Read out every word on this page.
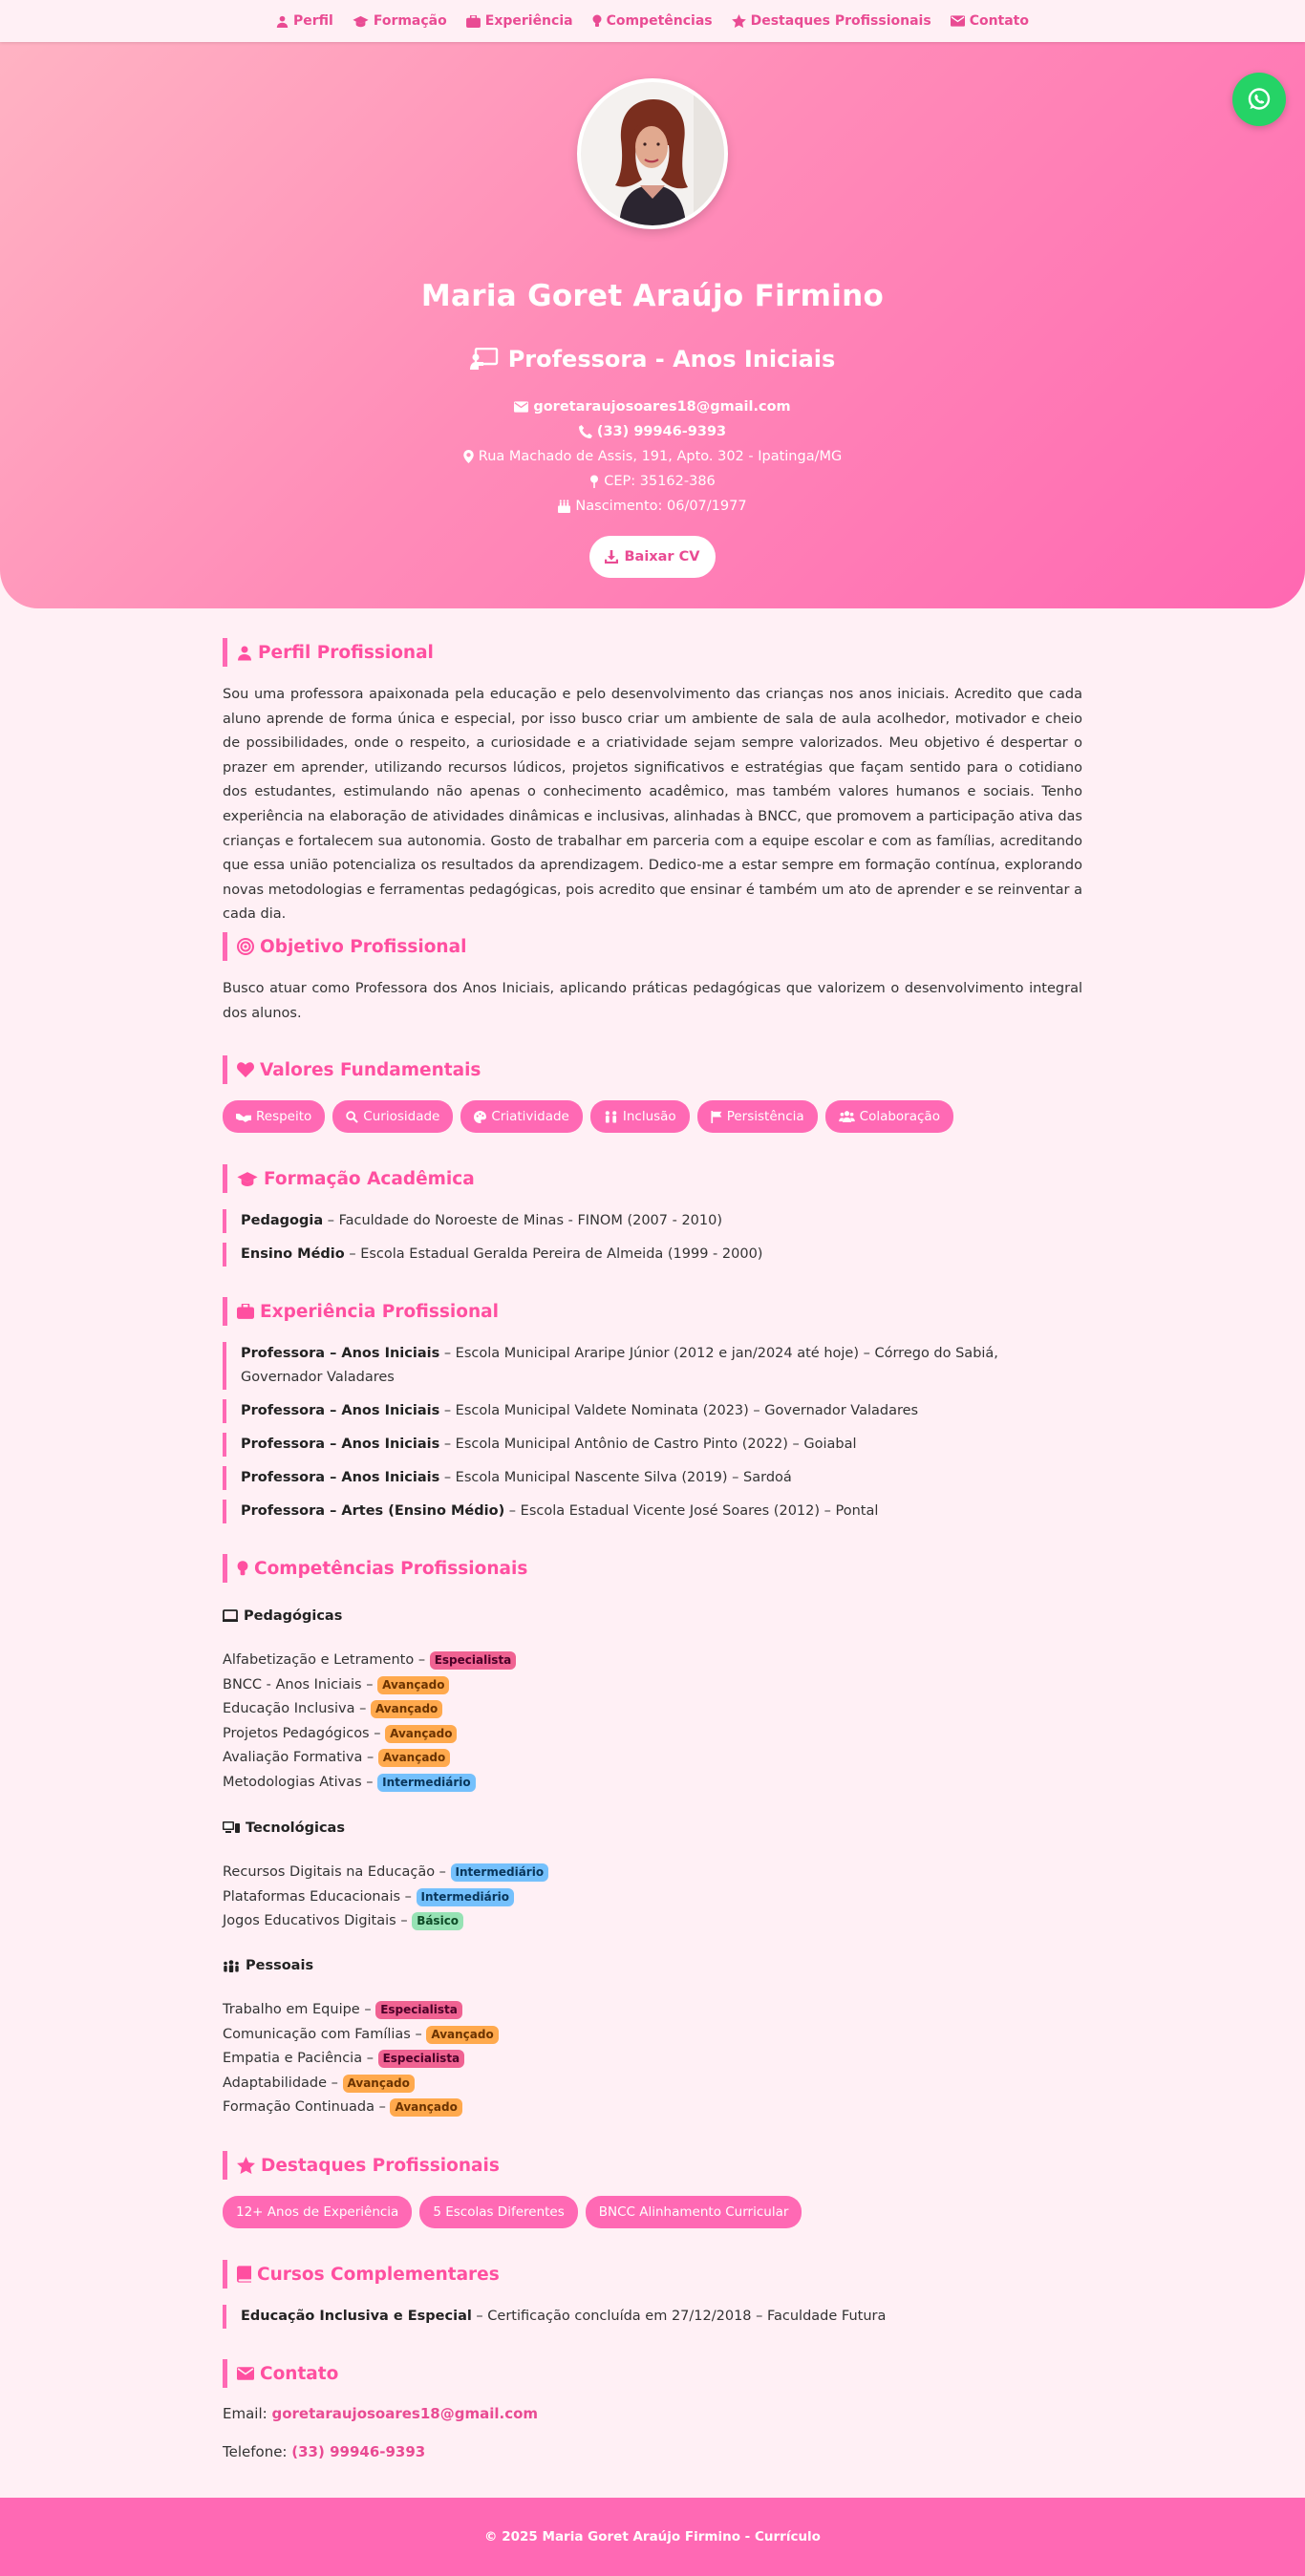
Perfil	Formação	Experiência	Competências	Destaques Profissionais	Contato
Maria Goret Araújo Firmino
Professora - Anos Iniciais
goretaraujosoares18@gmail.com
(33) 99946-9393
Rua Machado de Assis, 191, Apto. 302 - Ipatinga/MG
CEP: 35162-386
Nascimento: 06/07/1977
Baixar CV
Perfil Profissional

Sou uma professora apaixonada pela educação e pelo desenvolvimento das crianças nos anos iniciais. Acredito que cada aluno aprende de forma única e especial, por isso busco criar um ambiente de sala de aula acolhedor, motivador e cheio de possibilidades, onde o respeito, a curiosidade e a criatividade sejam sempre valorizados. Meu objetivo é despertar o prazer em aprender, utilizando recursos lúdicos, projetos significativos e estratégias que façam sentido para o cotidiano dos estudantes, estimulando não apenas o conhecimento acadêmico, mas também valores humanos e sociais. Tenho experiência na elaboração de atividades dinâmicas e inclusivas, alinhadas à BNCC, que promovem a participação ativa das crianças e fortalecem sua autonomia. Gosto de trabalhar em parceria com a equipe escolar e com as famílias, acreditando que essa união potencializa os resultados da aprendizagem. Dedico-me a estar sempre em formação contínua, explorando novas metodologias e ferramentas pedagógicas, pois acredito que ensinar é também um ato de aprender e se reinventar a cada dia.

Objetivo Profissional

Busco atuar como Professora dos Anos Iniciais, aplicando práticas pedagógicas que valorizem o desenvolvimento integral dos alunos.

Valores Fundamentais
Respeito	Curiosidade	Criatividade	Inclusão	Persistência	Colaboração
Formação Acadêmica
Pedagogia – Faculdade do Noroeste de Minas - FINOM (2007 - 2010)
Ensino Médio – Escola Estadual Geralda Pereira de Almeida (1999 - 2000)
Experiência Profissional
Professora – Anos Iniciais – Escola Municipal Araripe Júnior (2012 e jan/2024 até hoje) – Córrego do Sabiá, Governador Valadares
Professora – Anos Iniciais – Escola Municipal Valdete Nominata (2023) – Governador Valadares
Professora – Anos Iniciais – Escola Municipal Antônio de Castro Pinto (2022) – Goiabal
Professora – Anos Iniciais – Escola Municipal Nascente Silva (2019) – Sardoá
Professora – Artes (Ensino Médio) – Escola Estadual Vicente José Soares (2012) – Pontal
Competências Profissionais
Pedagógicas
Alfabetização e Letramento – Especialista
BNCC - Anos Iniciais – Avançado
Educação Inclusiva – Avançado
Projetos Pedagógicos – Avançado
Avaliação Formativa – Avançado
Metodologias Ativas – Intermediário
Tecnológicas
Recursos Digitais na Educação – Intermediário
Plataformas Educacionais – Intermediário
Jogos Educativos Digitais – Básico
Pessoais
Trabalho em Equipe – Especialista
Comunicação com Famílias – Avançado
Empatia e Paciência – Especialista
Adaptabilidade – Avançado
Formação Continuada – Avançado
Destaques Profissionais
12+ Anos de Experiência	5 Escolas Diferentes	BNCC Alinhamento Curricular
Cursos Complementares
Educação Inclusiva e Especial – Certificação concluída em 27/12/2018 – Faculdade Futura
Contato
Email: goretaraujosoares18@gmail.com
Telefone: (33) 99946-9393
© 2025 Maria Goret Araújo Firmino - Currículo
